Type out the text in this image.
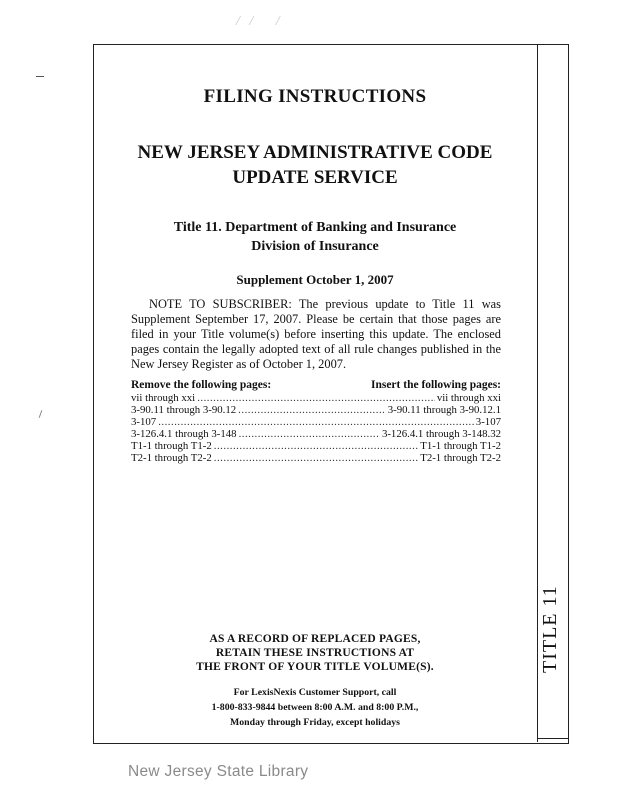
⁣/ / ⁣ ⁣ /
TITLE 11
FILING INSTRUCTIONS
NEW JERSEY ADMINISTRATIVE CODE
UPDATE SERVICE
Title 11. Department of Banking and Insurance
Division of Insurance
Supplement October 1, 2007
NOTE TO SUBSCRIBER: The previous update to Title 11 was Supplement September 17, 2007. Please be certain that those pages are filed in your Title volume(s) before inserting this update. The enclosed pages contain the legally adopted text of all rule changes published in the New Jersey Register as of October 1, 2007.
Remove the following pages:	Insert the following pages:
vii through xxi .....	vii through xxi
3-90.11 through 3-90.12 .....	3-90.11 through 3-90.12.1
3-107 .....	3-107
3-126.4.1 through 3-148 .....	3-126.4.1 through 3-148.32
T1-1 through T1-2 .....	T1-1 through T1-2
T2-1 through T2-2 .....	T2-1 through T2-2
AS A RECORD OF REPLACED PAGES,
RETAIN THESE INSTRUCTIONS AT
THE FRONT OF YOUR TITLE VOLUME(S).
For LexisNexis Customer Support, call
1-800-833-9844 between 8:00 A.M. and 8:00 P.M.,
Monday through Friday, except holidays
New Jersey State Library
